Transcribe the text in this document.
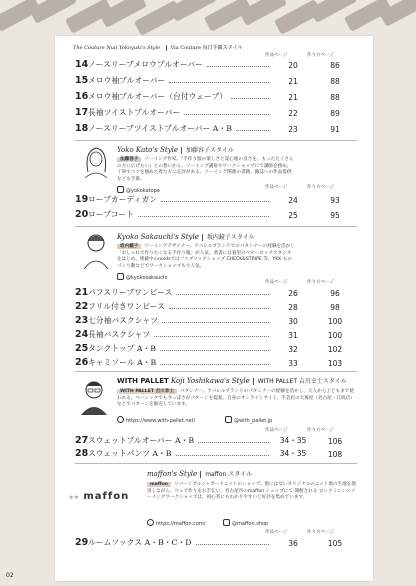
The Couture Nuit Yokoyuki's Style Via Couture 毎日手織スタイル
作品ページ	作り方ページ
14 ノースリーブメロウプルオーバー	20	86
15 メロウ袖プルオーバー	21	88
16 メロウ袖プルオーバー（台付ウェーブ）	21	88
17 長袖ツイストプルオーバー	22	89
18 ノースリーブツイストプルオーバー A・B	23	91
Yoko Kato's Style 加藤容子スタイル
加藤容子 ソーイング作家。『手作り服の楽しさと夏心地の良さを、もったたくさんの方に広げたい』との想いから、ソーイング講座やワークショップにて講師を務め、丁寧でコツを掴めた着た方に定評がある。ソーイング関連の書籍、雑誌への作品提供なども手掛。
@yokokatope
作品ページ	作り方ページ
19 ローブカーディガン	24	93
20 ローブコート	25	95
Kyoko Sakauchi's Style 坂内鏡子スタイル
坂内鏡子 ソーイングデザイナー。アパレルブランドでのパタンナーの経験を活かし「おしゃれで作りたくなる手作り服」が人気。著書に日暮里のベビーロックスタジオをはじめ、連載中のnoidsではファブリックショップ CHECK&STRIPE 等、YKK ものづくり動などでワークショップも大人気。
@kyokosakauchi
作品ページ	作り方ページ
21 パフスリーブワンピース	26	96
22 フリル付きワンピース	28	98
23 七分袖バスクシャツ	30	100
24 長袖バスクシャツ	31	100
25 タンクトップ A・B	32	102
26 キャミソール A・B	33	103
WITH PALLET Koji Yoshikawa's Style WITH PALLET 吉川幸士スタイル
WITH PALLET 吉川幸士 パタンナー。アパレルブランドのパタンナーの経験を活かし、大人から子どもまで使われる、ベーシックでも今っぽさがパターンを提案。自身のオンラインサイト、手芸店の大塚屋（名古屋・江坂店）などでパターンを販売しています。
https://www.with-pallet.net/	@with_pallet.jp
作品ページ	作り方ページ
27 スウェットプルオーバー A・B	34・35	106
28 スウェットパンツ A・B	34・35	108
✲✲ maffon
maffon's Style maffon スタイル
maffon リバーシブルジャガードニットのショップ。他にはないオリジナルのニット地の生地を使用しながら、ウェア作りをお手伝い。名古屋市のmaffon ショップにて 開催される ロックミシンのソーイングワークショップは、初心者にもわかりやすいと好評を集めています。
https://maffon.com/	@maffon.shop
作品ページ	作り方ページ
29 ルームソックス A・B・C・D	36	105
02
